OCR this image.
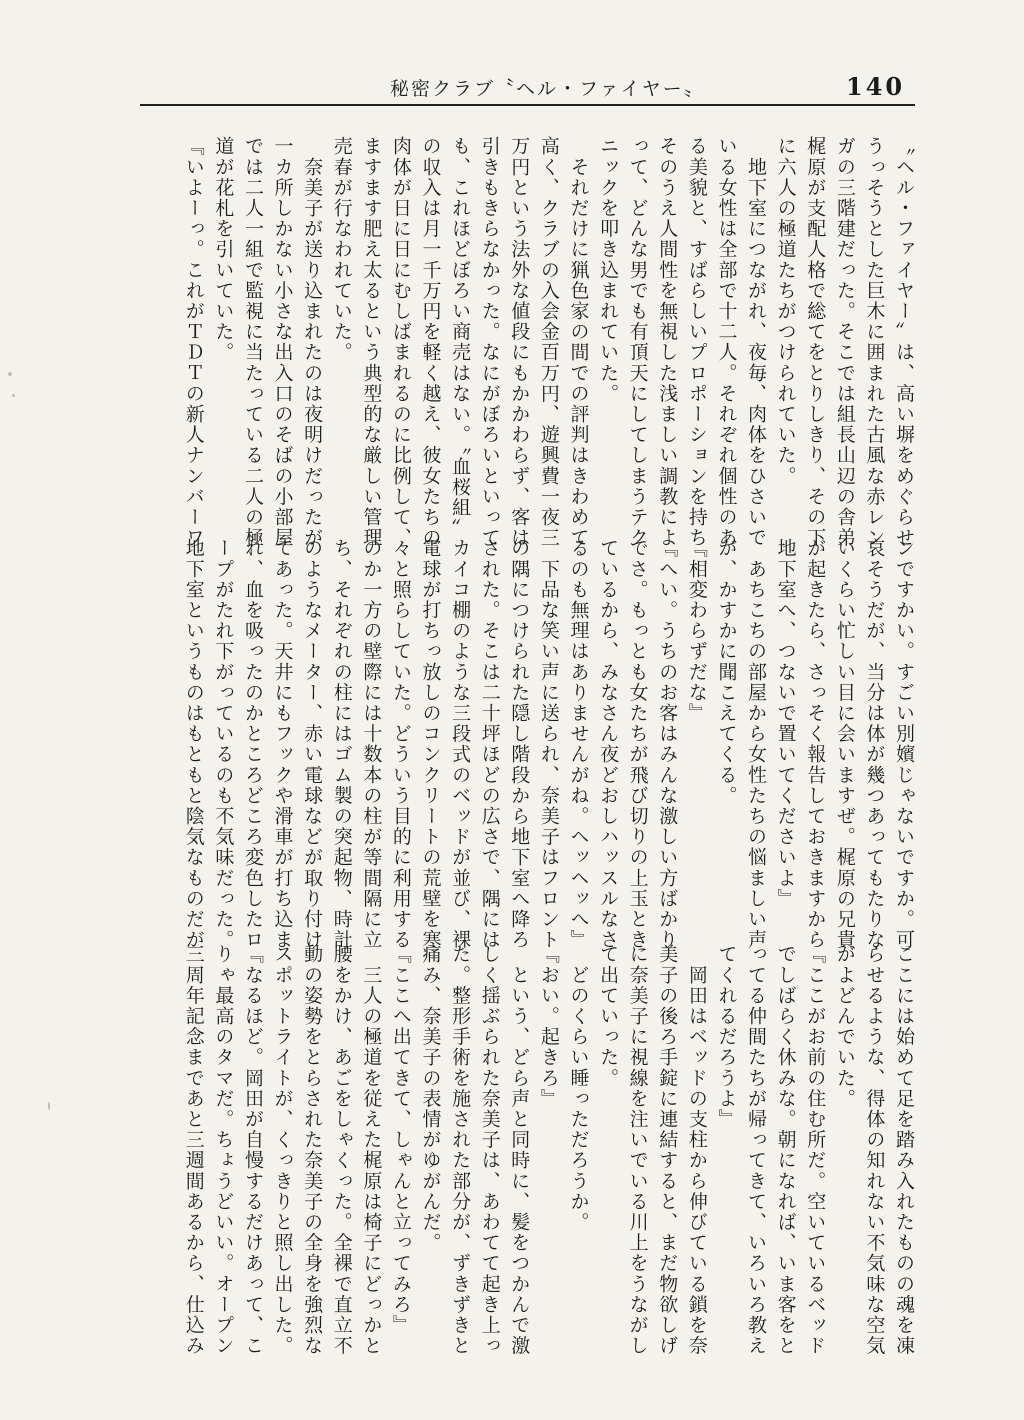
秘密クラブ〝ヘル・ファイヤー〟	140
〝ヘル・ファイヤー〟は、高い塀をめぐらせ
うっそうとした巨木に囲まれた古風な赤レン
ガの三階建だった。そこでは組長山辺の舎弟
梶原が支配人格で総てをとりしきり、その下
に六人の極道たちがつけられていた。
　地下室につながれ、夜毎、肉体をひさいで
いる女性は全部で十二人。それぞれ個性のあ
る美貌と、すばらしいプロポーションを持ち
そのうえ人間性を無視した浅ましい調教によ
って、どんな男でも有頂天にしてしまうテク
ニックを叩き込まれていた。
　それだけに猟色家の間での評判はきわめて
高く、クラブの入会金百万円、遊興費一夜三
万円という法外な値段にもかかわらず、客は
引きもきらなかった。なにがぼろいといって
も、これほどぼろい商売はない。〝血桜組〟
の収入は月一千万円を軽く越え、彼女たちの
肉体が日に日にむしばまれるのに比例して、
ますます肥え太るという典型的な厳しい管理
売春が行なわれていた。
　奈美子が送り込まれたのは夜明けだったが
一カ所しかない小さな出入口のそばの小部屋
では二人一組で監視に当たっている二人の極
道が花札を引いていた。
『いよーっ。これがＴＤＴの新人ナンバーワ
ンですかい。すごい別嬪じゃないですか。可
哀そうだが、当分は体が幾つあってもたりな
いくらい忙しい目に会いますぜ。梶原の兄貴
が起きたら、さっそく報告しておきますから
地下室へ、つないで置いてくださいよ』
　あちこちの部屋から女性たちの悩ましい声
が、かすかに聞こえてくる。
『相変わらずだな』
『へい。うちのお客はみんな激しい方ばかり
でさ。もっとも女たちが飛び切りの上玉とき
ているから、みなさん夜どおしハッスルなさ
るのも無理はありませんがね。ヘッヘッへ』
　下品な笑い声に送られ、奈美子はフロント
の隅につけられた隠し階段から地下室へ降ろ
された。そこは二十坪ほどの広さで、隅には
カイコ棚のような三段式のベッドが並び、裸
電球が打ちっ放しのコンクリートの荒壁を寒
々と照らしていた。どういう目的に利用する
のか一方の壁際には十数本の柱が等間隔に立
ち、それぞれの柱にはゴム製の突起物、時計
のようなメーター、赤い電球などが取り付け
てあった。天井にもフックや滑車が打ち込ま
れ、血を吸ったのかところどころ変色したロ
ープがたれ下がっているのも不気味だった。
地下室というものはもともと陰気なものだが
ここには始めて足を踏み入れたものの魂を凍
らせるような、得体の知れない不気味な空気
がよどんでいた。
『ここがお前の住む所だ。空いているベッド
でしばらく休みな。朝になれば、いま客をと
ってる仲間たちが帰ってきて、いろいろ教え
てくれるだろうよ』
　岡田はベッドの支柱から伸びている鎖を奈
美子の後ろ手錠に連結すると、まだ物欲しげ
に奈美子に視線を注いでいる川上をうながし
て出ていった。
　どのくらい睡っただろうか。
『おい。起きろ』
　という、どら声と同時に、髪をつかんで激
しく揺ぶられた奈美子は、あわてて起き上っ
た。整形手術を施された部分が、ずきずきと
痛み、奈美子の表情がゆがんだ。
『ここへ出てきて、しゃんと立ってみろ』
　三人の極道を従えた梶原は椅子にどっかと
腰をかけ、あごをしゃくった。全裸で直立不
動の姿勢をとらされた奈美子の全身を強烈な
スポットライトが、くっきりと照し出した。
『なるほど。岡田が自慢するだけあって、こ
りゃ最高のタマだ。ちょうどいい。オープン
三周年記念まであと三週間あるから、仕込み
